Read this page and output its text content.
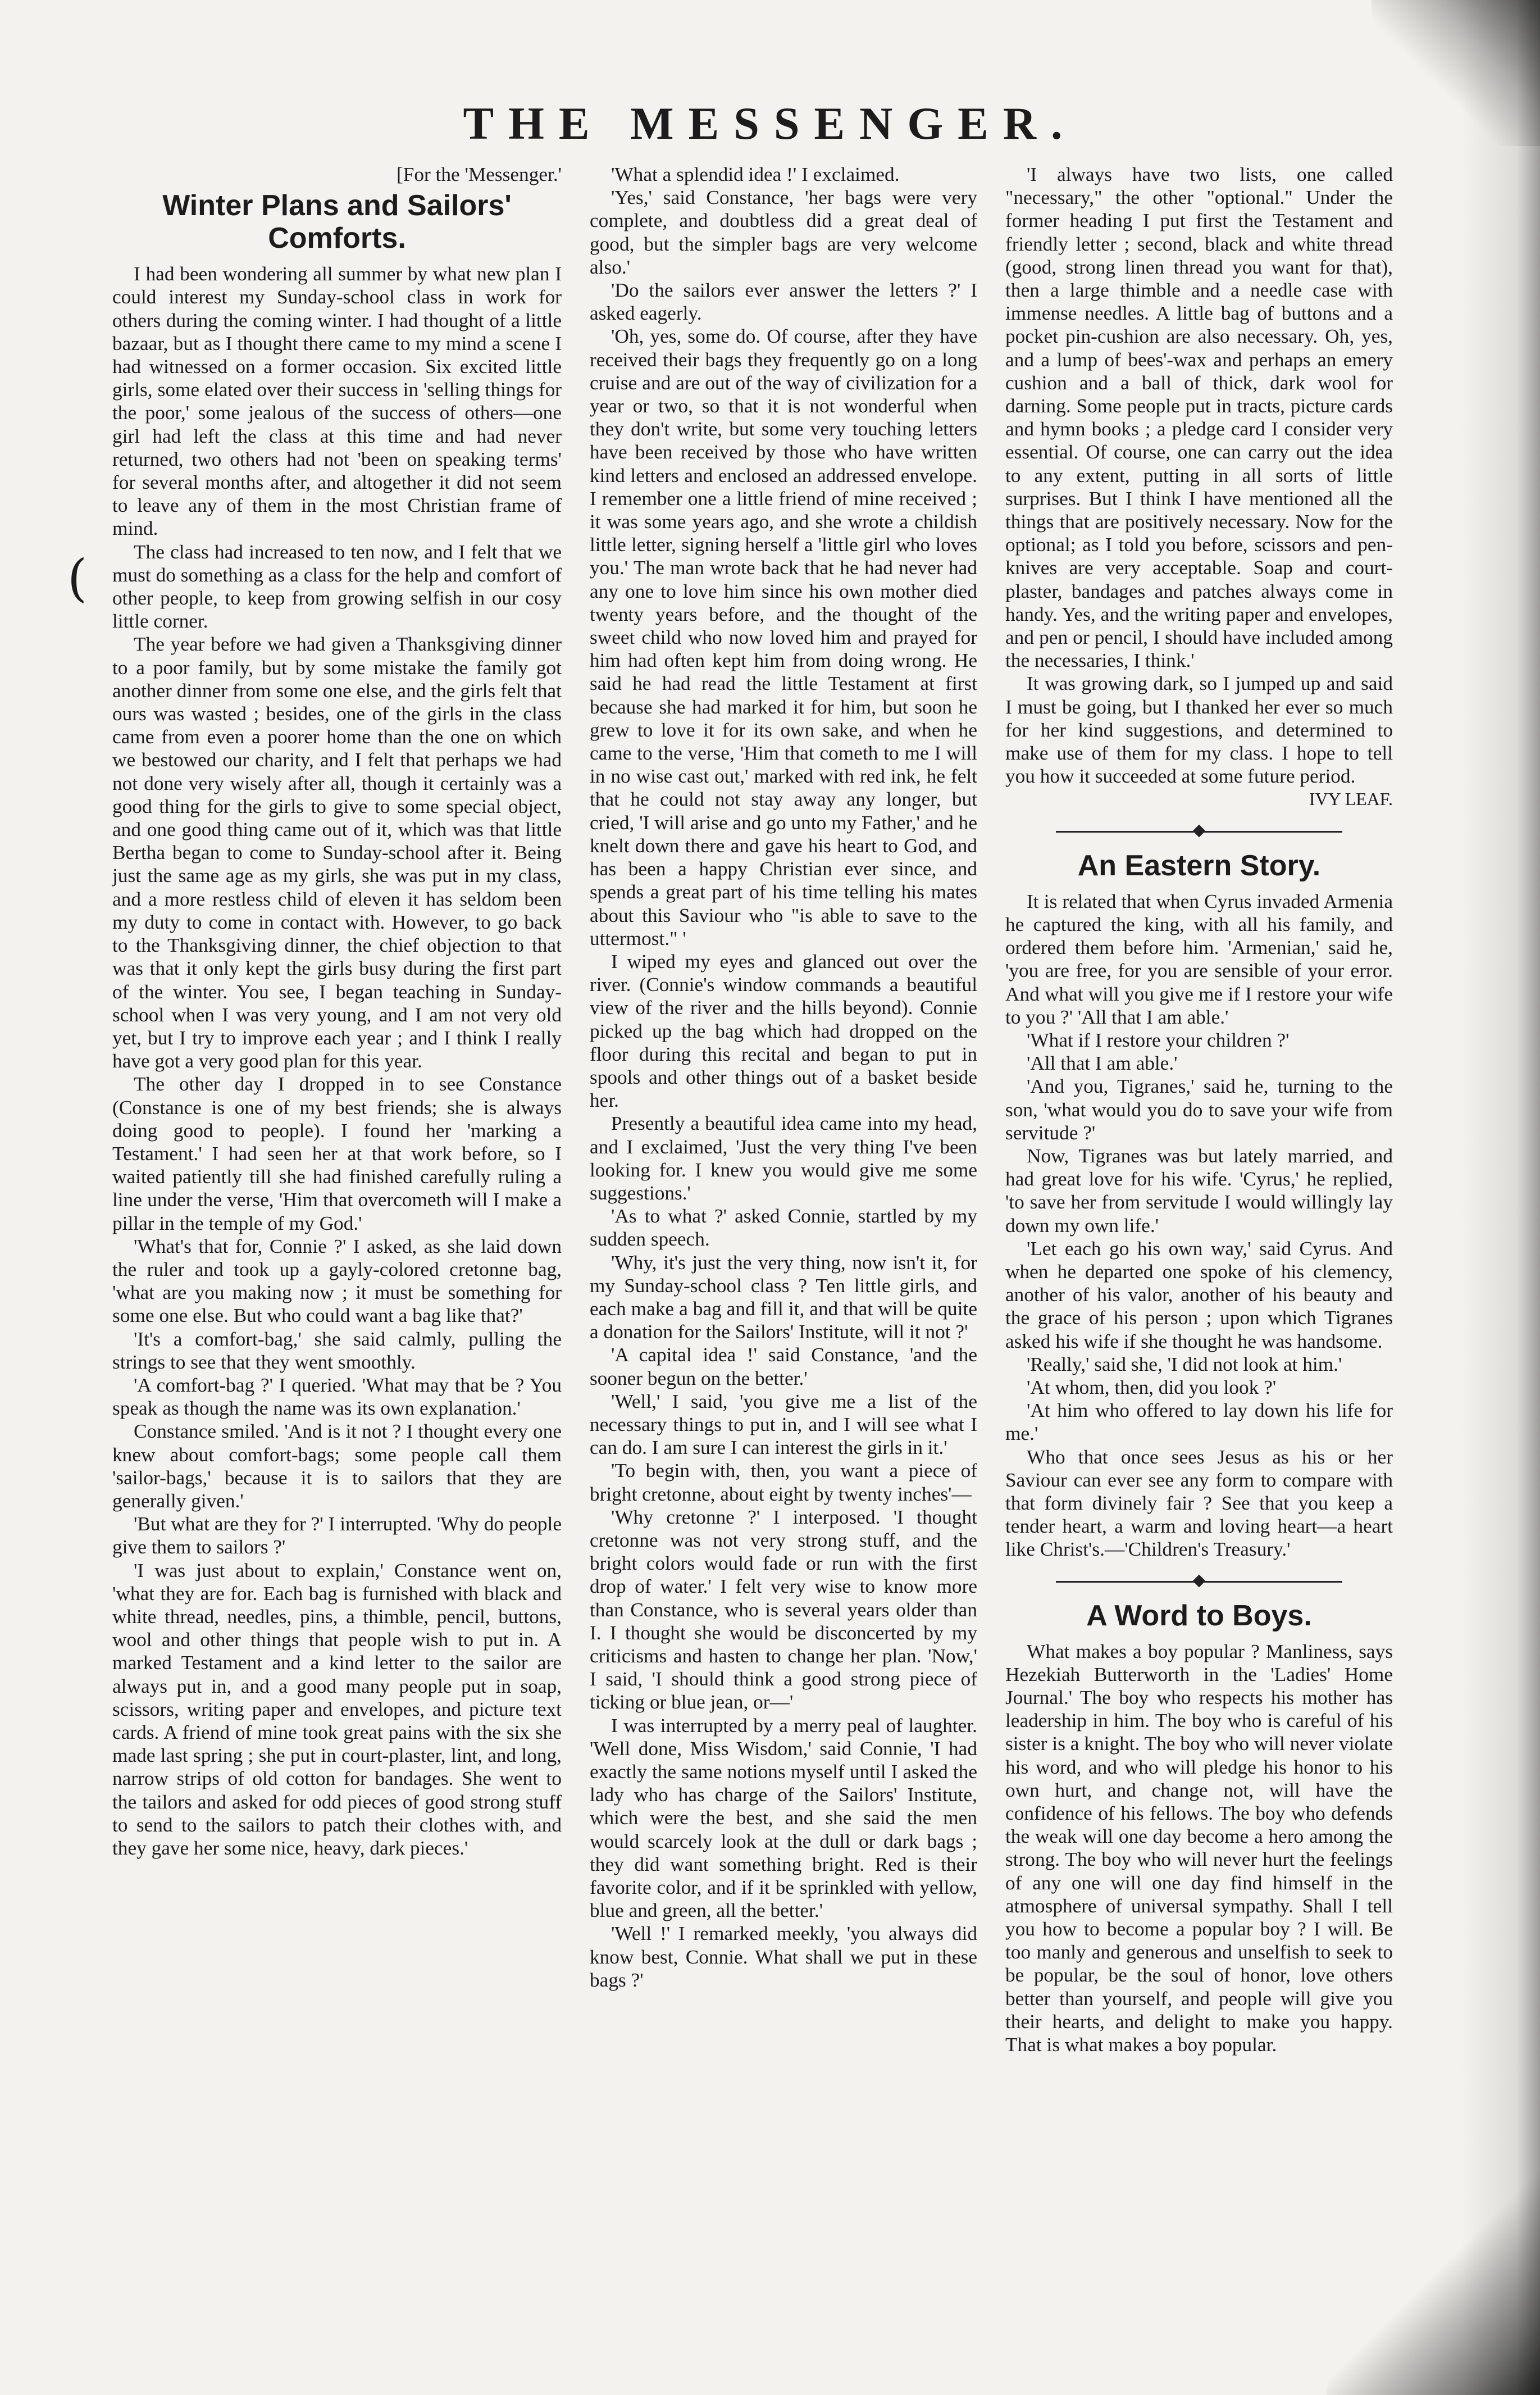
THE MESSENGER.
(

[For the 'Messenger.'

Winter Plans and Sailors' Comforts.

I had been wondering all summer by what new plan I could interest my Sunday-school class in work for others during the coming winter. I had thought of a little bazaar, but as I thought there came to my mind a scene I had witnessed on a former occasion. Six excited little girls, some elated over their success in 'selling things for the poor,' some jealous of the success of others—one girl had left the class at this time and had never returned, two others had not 'been on speaking terms' for several months after, and altogether it did not seem to leave any of them in the most Christian frame of mind.

The class had increased to ten now, and I felt that we must do something as a class for the help and comfort of other people, to keep from growing selfish in our cosy little corner.

The year before we had given a Thanksgiving dinner to a poor family, but by some mistake the family got another dinner from some one else, and the girls felt that ours was wasted ; besides, one of the girls in the class came from even a poorer home than the one on which we bestowed our charity, and I felt that perhaps we had not done very wisely after all, though it certainly was a good thing for the girls to give to some special object, and one good thing came out of it, which was that little Bertha began to come to Sunday-school after it. Being just the same age as my girls, she was put in my class, and a more restless child of eleven it has seldom been my duty to come in contact with. However, to go back to the Thanksgiving dinner, the chief objection to that was that it only kept the girls busy during the first part of the winter. You see, I began teaching in Sunday-school when I was very young, and I am not very old yet, but I try to improve each year ; and I think I really have got a very good plan for this year.

The other day I dropped in to see Constance (Constance is one of my best friends; she is always doing good to people). I found her 'marking a Testament.' I had seen her at that work before, so I waited patiently till she had finished carefully ruling a line under the verse, 'Him that overcometh will I make a pillar in the temple of my God.'

'What's that for, Connie ?' I asked, as she laid down the ruler and took up a gayly-colored cretonne bag, 'what are you making now ; it must be something for some one else. But who could want a bag like that?'

'It's a comfort-bag,' she said calmly, pulling the strings to see that they went smoothly.

'A comfort-bag ?' I queried. 'What may that be ? You speak as though the name was its own explanation.'

Constance smiled. 'And is it not ? I thought every one knew about comfort-bags; some people call them 'sailor-bags,' because it is to sailors that they are generally given.'

'But what are they for ?' I interrupted. 'Why do people give them to sailors ?'

'I was just about to explain,' Constance went on, 'what they are for. Each bag is furnished with black and white thread, needles, pins, a thimble, pencil, buttons, wool and other things that people wish to put in. A marked Testament and a kind letter to the sailor are always put in, and a good many people put in soap, scissors, writing paper and envelopes, and picture text cards. A friend of mine took great pains with the six she made last spring ; she put in court-plaster, lint, and long, narrow strips of old cotton for bandages. She went to the tailors and asked for odd pieces of good strong stuff to send to the sailors to patch their clothes with, and they gave her some nice, heavy, dark pieces.'

'What a splendid idea !' I exclaimed.

'Yes,' said Constance, 'her bags were very complete, and doubtless did a great deal of good, but the simpler bags are very welcome also.'

'Do the sailors ever answer the letters ?' I asked eagerly.

'Oh, yes, some do. Of course, after they have received their bags they frequently go on a long cruise and are out of the way of civilization for a year or two, so that it is not wonderful when they don't write, but some very touching letters have been received by those who have written kind letters and enclosed an addressed envelope. I remember one a little friend of mine received ; it was some years ago, and she wrote a childish little letter, signing herself a 'little girl who loves you.' The man wrote back that he had never had any one to love him since his own mother died twenty years before, and the thought of the sweet child who now loved him and prayed for him had often kept him from doing wrong. He said he had read the little Testament at first because she had marked it for him, but soon he grew to love it for its own sake, and when he came to the verse, 'Him that cometh to me I will in no wise cast out,' marked with red ink, he felt that he could not stay away any longer, but cried, 'I will arise and go unto my Father,' and he knelt down there and gave his heart to God, and has been a happy Christian ever since, and spends a great part of his time telling his mates about this Saviour who "is able to save to the uttermost." '

I wiped my eyes and glanced out over the river. (Connie's window commands a beautiful view of the river and the hills beyond). Connie picked up the bag which had dropped on the floor during this recital and began to put in spools and other things out of a basket beside her.

Presently a beautiful idea came into my head, and I exclaimed, 'Just the very thing I've been looking for. I knew you would give me some suggestions.'

'As to what ?' asked Connie, startled by my sudden speech.

'Why, it's just the very thing, now isn't it, for my Sunday-school class ? Ten little girls, and each make a bag and fill it, and that will be quite a donation for the Sailors' Institute, will it not ?'

'A capital idea !' said Constance, 'and the sooner begun on the better.'

'Well,' I said, 'you give me a list of the necessary things to put in, and I will see what I can do. I am sure I can interest the girls in it.'

'To begin with, then, you want a piece of bright cretonne, about eight by twenty inches'—

'Why cretonne ?' I interposed. 'I thought cretonne was not very strong stuff, and the bright colors would fade or run with the first drop of water.' I felt very wise to know more than Constance, who is several years older than I. I thought she would be disconcerted by my criticisms and hasten to change her plan. 'Now,' I said, 'I should think a good strong piece of ticking or blue jean, or—'

I was interrupted by a merry peal of laughter. 'Well done, Miss Wisdom,' said Connie, 'I had exactly the same notions myself until I asked the lady who has charge of the Sailors' Institute, which were the best, and she said the men would scarcely look at the dull or dark bags ; they did want something bright. Red is their favorite color, and if it be sprinkled with yellow, blue and green, all the better.'

'Well !' I remarked meekly, 'you always did know best, Connie. What shall we put in these bags ?'

'I always have two lists, one called "necessary," the other "optional." Under the former heading I put first the Testament and friendly letter ; second, black and white thread (good, strong linen thread you want for that), then a large thimble and a needle case with immense needles. A little bag of buttons and a pocket pin-cushion are also necessary. Oh, yes, and a lump of bees'-wax and perhaps an emery cushion and a ball of thick, dark wool for darning. Some people put in tracts, picture cards and hymn books ; a pledge card I consider very essential. Of course, one can carry out the idea to any extent, putting in all sorts of little surprises. But I think I have mentioned all the things that are positively necessary. Now for the optional; as I told you before, scissors and pen-knives are very acceptable. Soap and court-plaster, bandages and patches always come in handy. Yes, and the writing paper and envelopes, and pen or pencil, I should have included among the necessaries, I think.'

It was growing dark, so I jumped up and said I must be going, but I thanked her ever so much for her kind suggestions, and determined to make use of them for my class. I hope to tell you how it succeeded at some future period.

IVY LEAF.

An Eastern Story.

It is related that when Cyrus invaded Armenia he captured the king, with all his family, and ordered them before him. 'Armenian,' said he, 'you are free, for you are sensible of your error. And what will you give me if I restore your wife to you ?' 'All that I am able.'

'What if I restore your children ?'

'All that I am able.'

'And you, Tigranes,' said he, turning to the son, 'what would you do to save your wife from servitude ?'

Now, Tigranes was but lately married, and had great love for his wife. 'Cyrus,' he replied, 'to save her from servitude I would willingly lay down my own life.'

'Let each go his own way,' said Cyrus. And when he departed one spoke of his clemency, another of his valor, another of his beauty and the grace of his person ; upon which Tigranes asked his wife if she thought he was handsome.

'Really,' said she, 'I did not look at him.'

'At whom, then, did you look ?'

'At him who offered to lay down his life for me.'

Who that once sees Jesus as his or her Saviour can ever see any form to compare with that form divinely fair ? See that you keep a tender heart, a warm and loving heart—a heart like Christ's.—'Children's Treasury.'

A Word to Boys.

What makes a boy popular ? Manliness, says Hezekiah Butterworth in the 'Ladies' Home Journal.' The boy who respects his mother has leadership in him. The boy who is careful of his sister is a knight. The boy who will never violate his word, and who will pledge his honor to his own hurt, and change not, will have the confidence of his fellows. The boy who defends the weak will one day become a hero among the strong. The boy who will never hurt the feelings of any one will one day find himself in the atmosphere of universal sympathy. Shall I tell you how to become a popular boy ? I will. Be too manly and generous and unselfish to seek to be popular, be the soul of honor, love others better than yourself, and people will give you their hearts, and delight to make you happy. That is what makes a boy popular.
